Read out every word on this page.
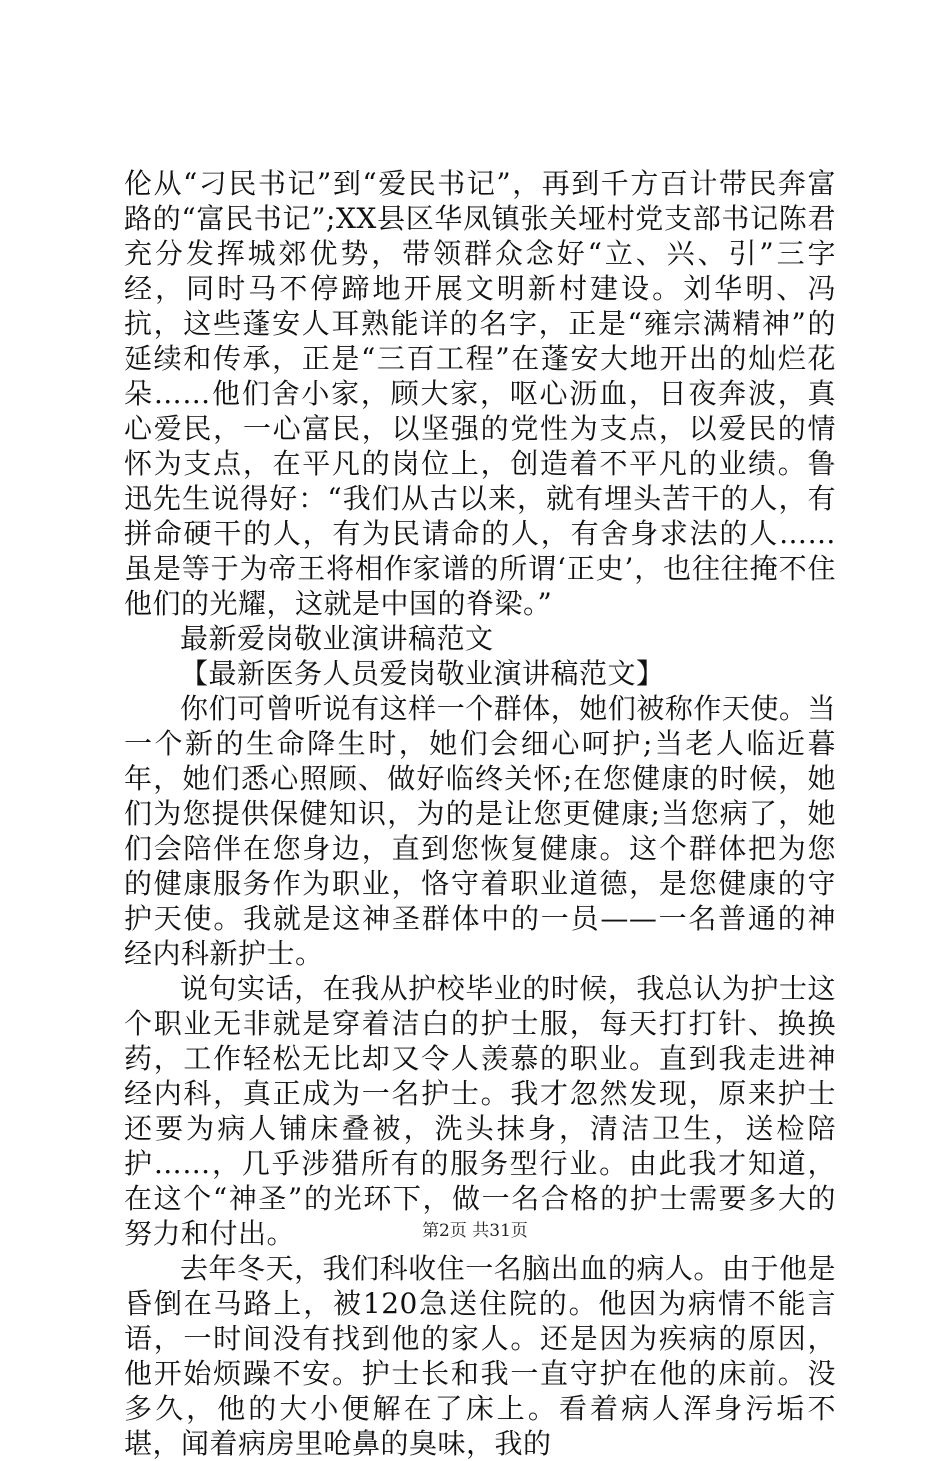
伦从“刁民书记”到“爱民书记”，再到千方百计带民奔富路的“富民书记”;XX县区华凤镇张关垭村党支部书记陈君充分发挥城郊优势，带领群众念好“立、兴、引”三字经，同时马不停蹄地开展文明新村建设。刘华明、冯抗，这些蓬安人耳熟能详的名字，正是“雍宗满精神”的延续和传承，正是“三百工程”在蓬安大地开出的灿烂花朵……他们舍小家，顾大家，呕心沥血，日夜奔波，真心爱民，一心富民，以坚强的党性为支点，以爱民的情怀为支点，在平凡的岗位上，创造着不平凡的业绩。鲁迅先生说得好：“我们从古以来，就有埋头苦干的人，有拼命硬干的人，有为民请命的人，有舍身求法的人……虽是等于为帝王将相作家谱的所谓‘正史’，也往往掩不住他们的光耀，这就是中国的脊梁。”

最新爱岗敬业演讲稿范文

【最新医务人员爱岗敬业演讲稿范文】

你们可曾听说有这样一个群体，她们被称作天使。当一个新的生命降生时，她们会细心呵护;当老人临近暮年，她们悉心照顾、做好临终关怀;在您健康的时候，她们为您提供保健知识，为的是让您更健康;当您病了，她们会陪伴在您身边，直到您恢复健康。这个群体把为您的健康服务作为职业，恪守着职业道德，是您健康的守护天使。我就是这神圣群体中的一员——一名普通的神经内科新护士。

说句实话，在我从护校毕业的时候，我总认为护士这个职业无非就是穿着洁白的护士服，每天打打针、换换药，工作轻松无比却又令人羡慕的职业。直到我走进神经内科，真正成为一名护士。我才忽然发现，原来护士还要为病人铺床叠被，洗头抹身，清洁卫生，送检陪护……，几乎涉猎所有的服务型行业。由此我才知道，在这个“神圣”的光环下，做一名合格的护士需要多大的努力和付出。

去年冬天，我们科收住一名脑出血的病人。由于他是昏倒在马路上，被120急送住院的。他因为病情不能言语，一时间没有找到他的家人。还是因为疾病的原因，他开始烦躁不安。护士长和我一直守护在他的床前。没多久，他的大小便解在了床上。看着病人浑身污垢不堪，闻着病房里呛鼻的臭味，我的

第2页 共31页
